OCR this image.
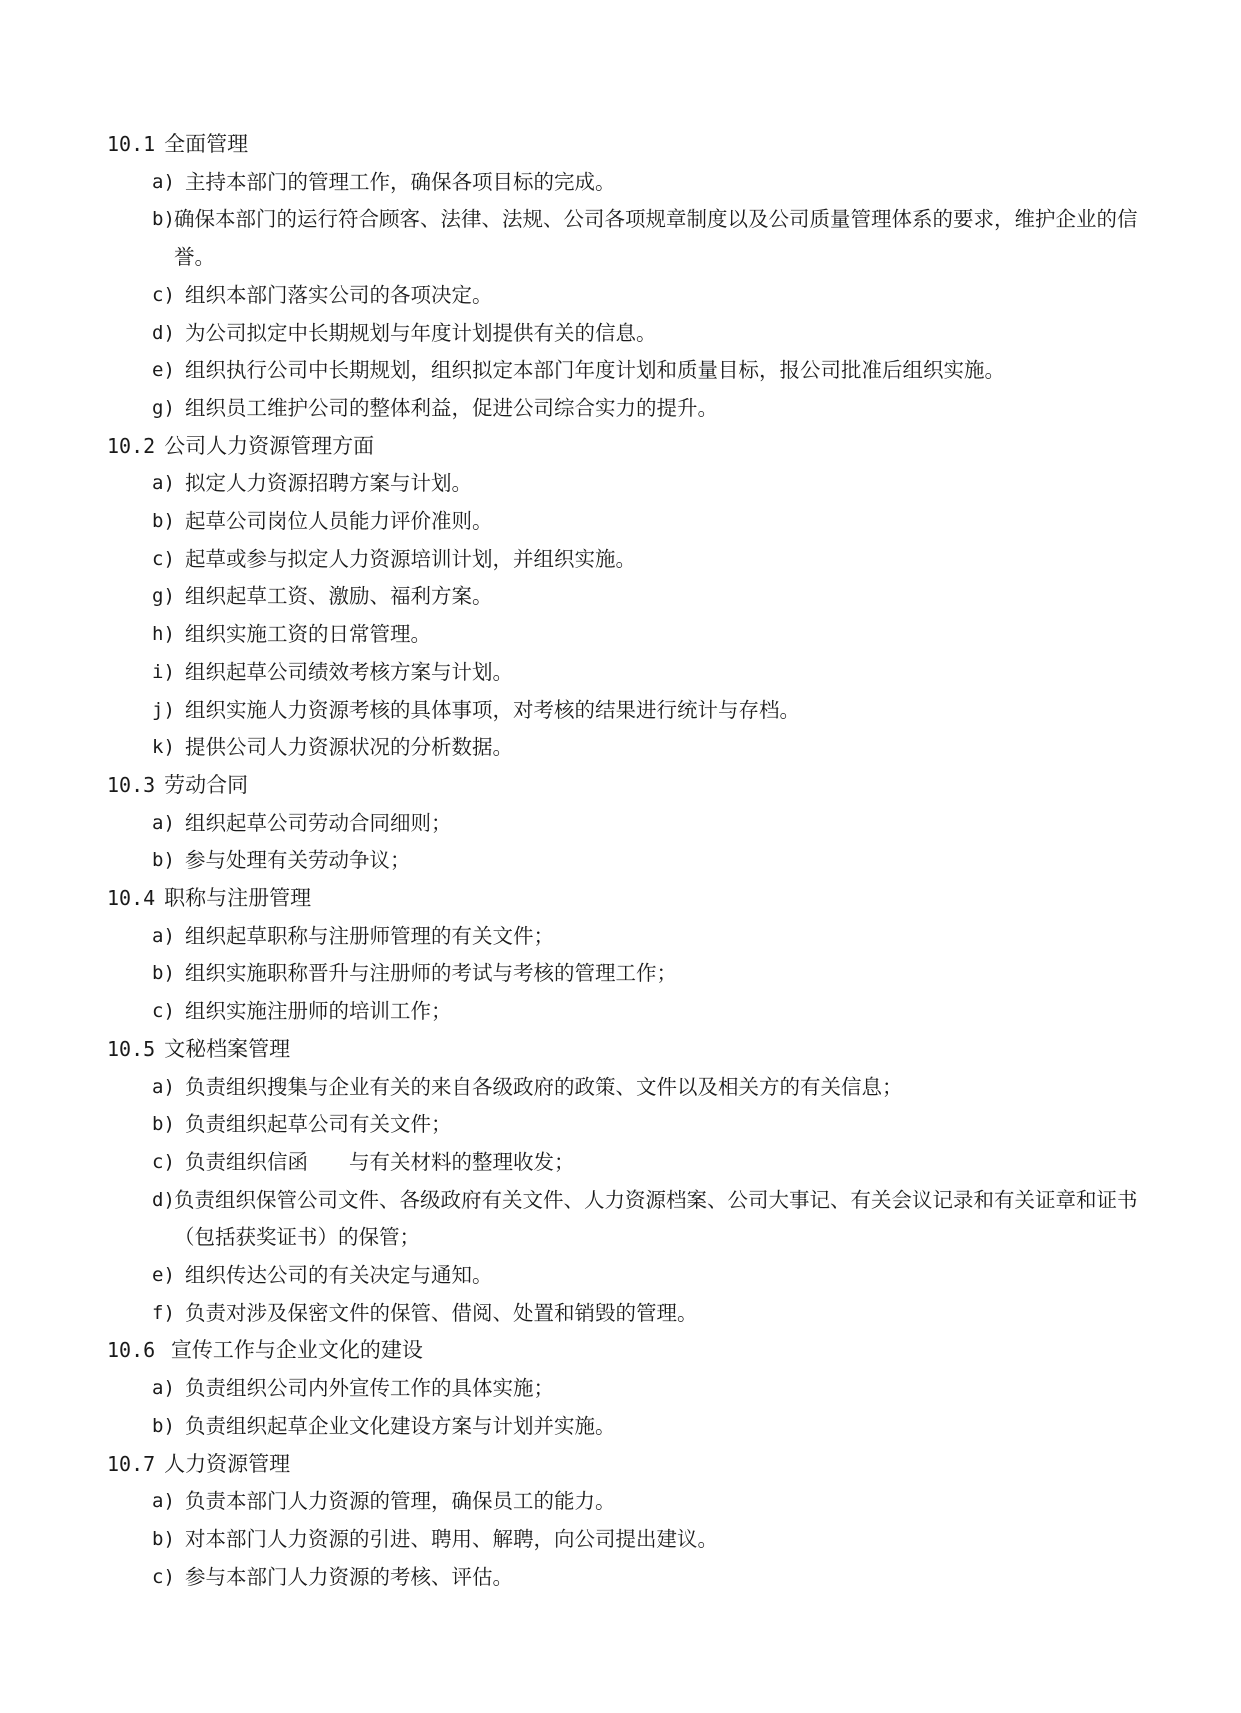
10.1 全面管理
a) 主持本部门的管理工作，确保各项目标的完成。
b) 确保本部门的运行符合顾客、法律、法规、公司各项规章制度以及公司质量管理体系的要求，维护企业的信誉。
c) 组织本部门落实公司的各项决定。
d) 为公司拟定中长期规划与年度计划提供有关的信息。
e) 组织执行公司中长期规划，组织拟定本部门年度计划和质量目标，报公司批准后组织实施。
g) 组织员工维护公司的整体利益，促进公司综合实力的提升。
10.2 公司人力资源管理方面
a) 拟定人力资源招聘方案与计划。
b) 起草公司岗位人员能力评价准则。
c) 起草或参与拟定人力资源培训计划，并组织实施。
g) 组织起草工资、激励、福利方案。
h) 组织实施工资的日常管理。
i) 组织起草公司绩效考核方案与计划。
j) 组织实施人力资源考核的具体事项，对考核的结果进行统计与存档。
k) 提供公司人力资源状况的分析数据。
10.3 劳动合同
a) 组织起草公司劳动合同细则；
b) 参与处理有关劳动争议；
10.4 职称与注册管理
a) 组织起草职称与注册师管理的有关文件；
b) 组织实施职称晋升与注册师的考试与考核的管理工作；
c) 组织实施注册师的培训工作；
10.5 文秘档案管理
a) 负责组织搜集与企业有关的来自各级政府的政策、文件以及相关方的有关信息；
b) 负责组织起草公司有关文件；
c) 负责组织信函　　与有关材料的整理收发；
d) 负责组织保管公司文件、各级政府有关文件、人力资源档案、公司大事记、有关会议记录和有关证章和证书（包括获奖证书）的保管；
e) 组织传达公司的有关决定与通知。
f) 负责对涉及保密文件的保管、借阅、处置和销毁的管理。
10.6 宣传工作与企业文化的建设
a) 负责组织公司内外宣传工作的具体实施；
b) 负责组织起草企业文化建设方案与计划并实施。
10.7 人力资源管理
a) 负责本部门人力资源的管理，确保员工的能力。
b) 对本部门人力资源的引进、聘用、解聘，向公司提出建议。
c) 参与本部门人力资源的考核、评估。
